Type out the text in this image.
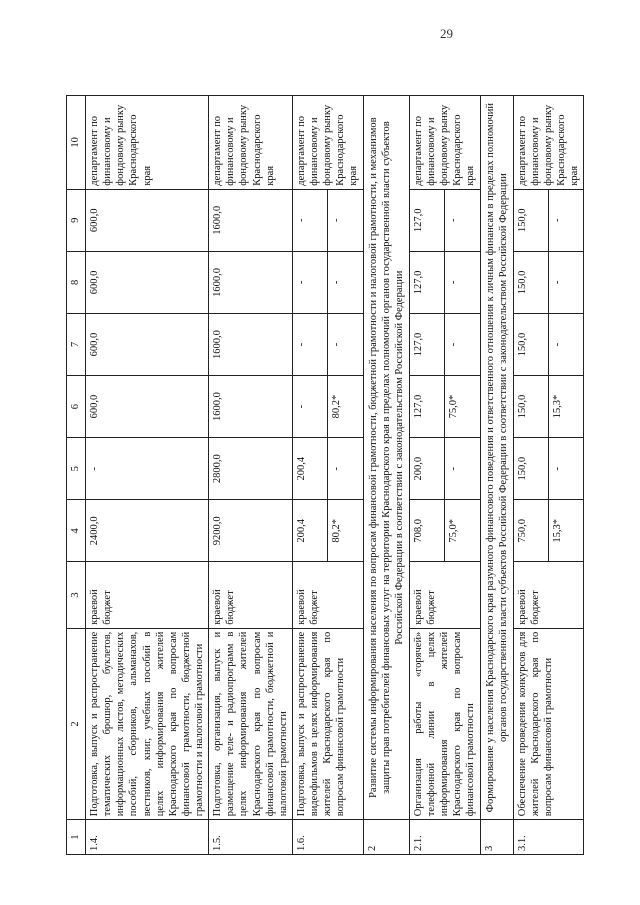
29
1	2	3	4	5	6	7	8	9	10
1.4.	Подготовка, выпуск и распространение тематических брошюр, буклетов, информационных листов, методических пособий, сборников, альманахов, вестников, книг, учебных пособий в целях информирования жителей Краснодарского края по вопросам финансовой грамотности, бюджетной грамотности и налоговой грамотности	краевой бюджет	2400,0	-	600,0	600,0	600,0	600,0	департамент по финансовому и фондовому рынку Краснодарского края
1.5.	Подготовка, организация, выпуск и размещение теле- и радиопрограмм в целях информирования жителей Краснодарского края по вопросам финансовой грамотности, бюджетной и налоговой грамотности	краевой бюджет	9200,0	2800,0	1600,0	1600,0	1600,0	1600,0	департамент по финансовому и фондовому рынку Краснодарского края
1.6.	Подготовка, выпуск и распространение видеофильмов в целях информирования жителей Краснодарского края по вопросам финансовой грамотности	краевой бюджет	200,4	200,4	-	-	-	-	департамент по финансовому и фондовому рынку Краснодарского края
			80,2*	-	80,2*	-	-	-	
2	Развитие системы информирования населения по вопросам финансовой грамотности, бюджетной грамотности и налоговой грамотности, и механизмов защиты прав потребителей финансовых услуг на территории Краснодарского края в пределах полномочий органов государственной власти субъектов Российской Федерации в соответствии с законодательством Российской Федерации								
2.1.	Организация работы «горячей» телефонной линии в целях информирования жителей Краснодарского края по вопросам финансовой грамотности	краевой бюджет	708,0	200,0	127,0	127,0	127,0	127,0	департамент по финансовому и фондовому рынку Краснодарского края
			75,0*	-	75,0*	-	-	-	
3	Формирование у населения Краснодарского края разумного финансового поведения и ответственного отношения к личным финансам в пределах полномочий органов государственной власти субъектов Российской Федерации в соответствии с законодательством Российской Федерации								
3.1.	Обеспечение проведения конкурсов для жителей Краснодарского края по вопросам финансовой грамотности	краевой бюджет	750,0	150,0	150,0	150,0	150,0	150,0	департамент по финансовому и фондовому рынку Краснодарского края
			15,3*	-	15,3*	-	-	-	
